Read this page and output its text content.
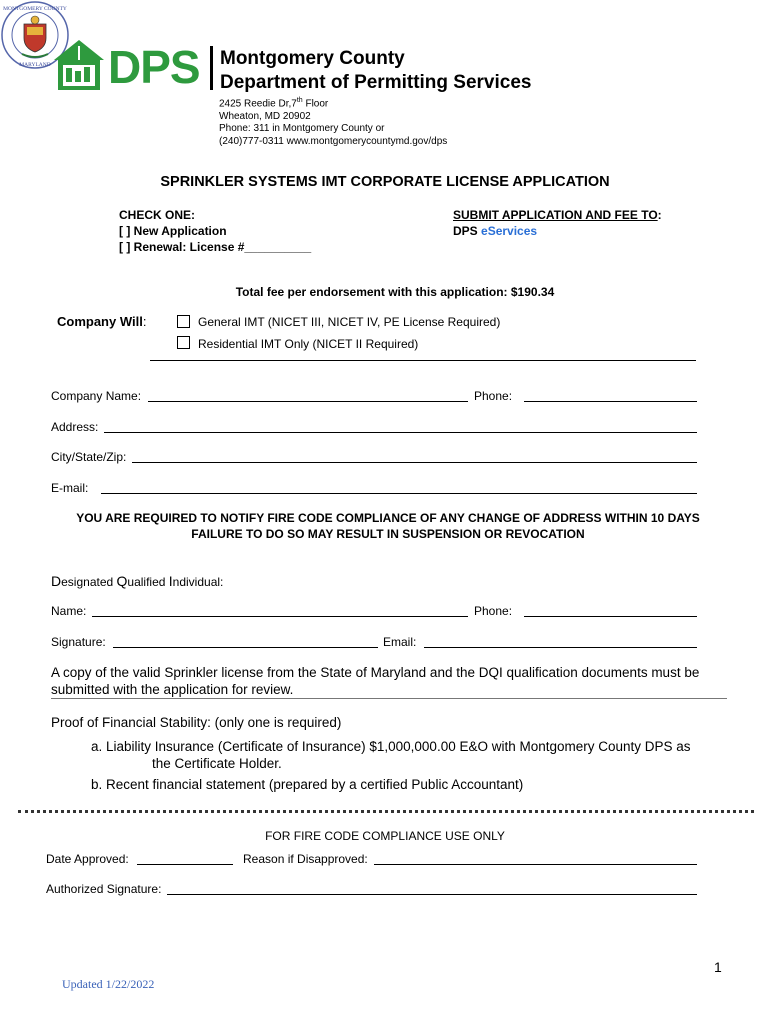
DPS Montgomery County
Department of Permitting Services
2425 Reedie Dr,7th Floor
Wheaton, MD 20902
Phone: 311 in Montgomery County or
(240)777-0311 www.montgomerycountymd.gov/dps
MONTGOMERY COUNTY
MARYLAND
SPRINKLER SYSTEMS IMT CORPORATE LICENSE APPLICATION
CHECK ONE:
[ ] New Application
[ ] Renewal: License #__________
SUBMIT APPLICATION AND FEE TO:
DPS eServices
Total fee per endorsement with this application: $190.34
Company Will:	General IMT (NICET III, NICET IV, PE License Required)
Residential IMT Only (NICET II Required)
Company Name:	Phone:
Address:
City/State/Zip:
E-mail:
YOU ARE REQUIRED TO NOTIFY FIRE CODE COMPLIANCE OF ANY CHANGE OF ADDRESS WITHIN 10 DAYS
FAILURE TO DO SO MAY RESULT IN SUSPENSION OR REVOCATION
Designated Qualified Individual:
Name:	Phone:
Signature:	Email:
A copy of the valid Sprinkler license from the State of Maryland and the DQI qualification documents must be submitted with the application for review.
Proof of Financial Stability: (only one is required)
a. Liability Insurance (Certificate of Insurance) $1,000,000.00 E&O with Montgomery County DPS as
the Certificate Holder.
b. Recent financial statement (prepared by a certified Public Accountant)
FOR FIRE CODE COMPLIANCE USE ONLY
Date Approved:	Reason if Disapproved:
Authorized Signature:
1
Updated 1/22/2022
